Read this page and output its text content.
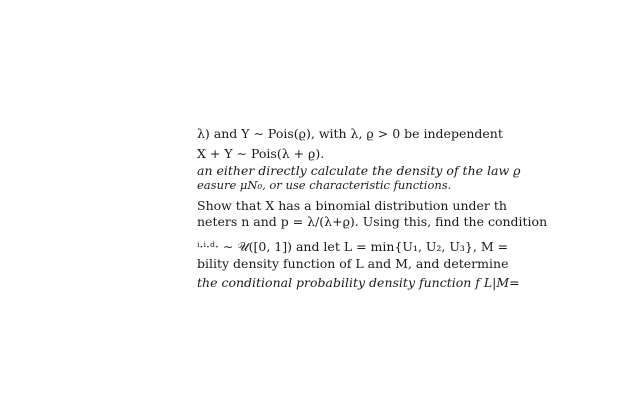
λ) and Y ∼ Pois(ϱ), with λ, ϱ > 0 be independent
X + Y ∼ Pois(λ + ϱ).
an either directly calculate the density of the law ϱ
easure μN₀, or use characteristic functions.
Show that X has a binomial distribution under th
neters n and p = λ/(λ+ϱ). Using this, find the condition
ⁱ·ⁱ·ᵈ· ∼ 𝒰([0, 1]) and let L = min{U₁, U₂, U₃}, M =
bility density function of L and M, and determine
the conditional probability density function f L|M=
